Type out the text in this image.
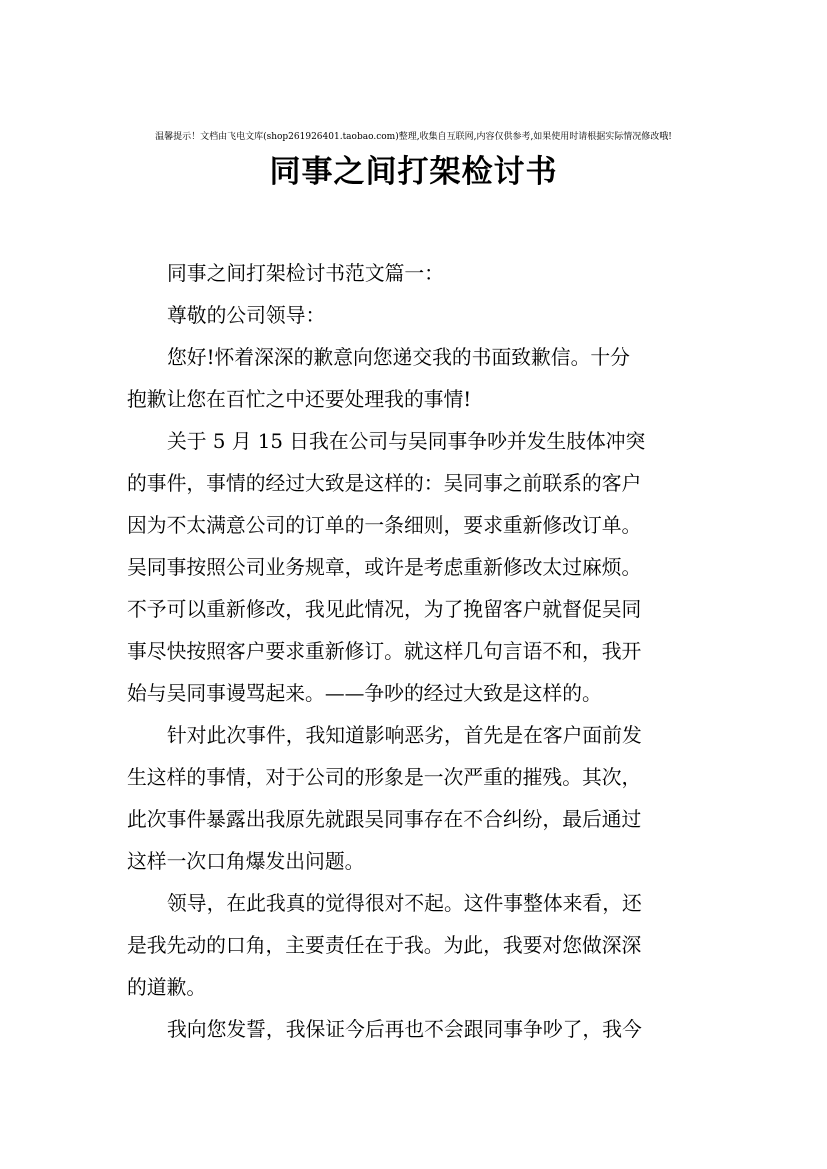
温馨提示！文档由飞电文库(shop261926401.taobao.com)整理,收集自互联网,内容仅供参考,如果使用时请根据实际情况修改哦!
同事之间打架检讨书

同事之间打架检讨书范文篇一：

尊敬的公司领导：

您好!怀着深深的歉意向您递交我的书面致歉信。十分
抱歉让您在百忙之中还要处理我的事情!

关于 5 月 15 日我在公司与吴同事争吵并发生肢体冲突
的事件，事情的经过大致是这样的：吴同事之前联系的客户
因为不太满意公司的订单的一条细则，要求重新修改订单。
吴同事按照公司业务规章，或许是考虑重新修改太过麻烦。
不予可以重新修改，我见此情况，为了挽留客户就督促吴同
事尽快按照客户要求重新修订。就这样几句言语不和，我开
始与吴同事谩骂起来。——争吵的经过大致是这样的。

针对此次事件，我知道影响恶劣，首先是在客户面前发
生这样的事情，对于公司的形象是一次严重的摧残。其次，
此次事件暴露出我原先就跟吴同事存在不合纠纷，最后通过
这样一次口角爆发出问题。

领导，在此我真的觉得很对不起。这件事整体来看，还
是我先动的口角，主要责任在于我。为此，我要对您做深深
的道歉。

我向您发誓，我保证今后再也不会跟同事争吵了，我今
